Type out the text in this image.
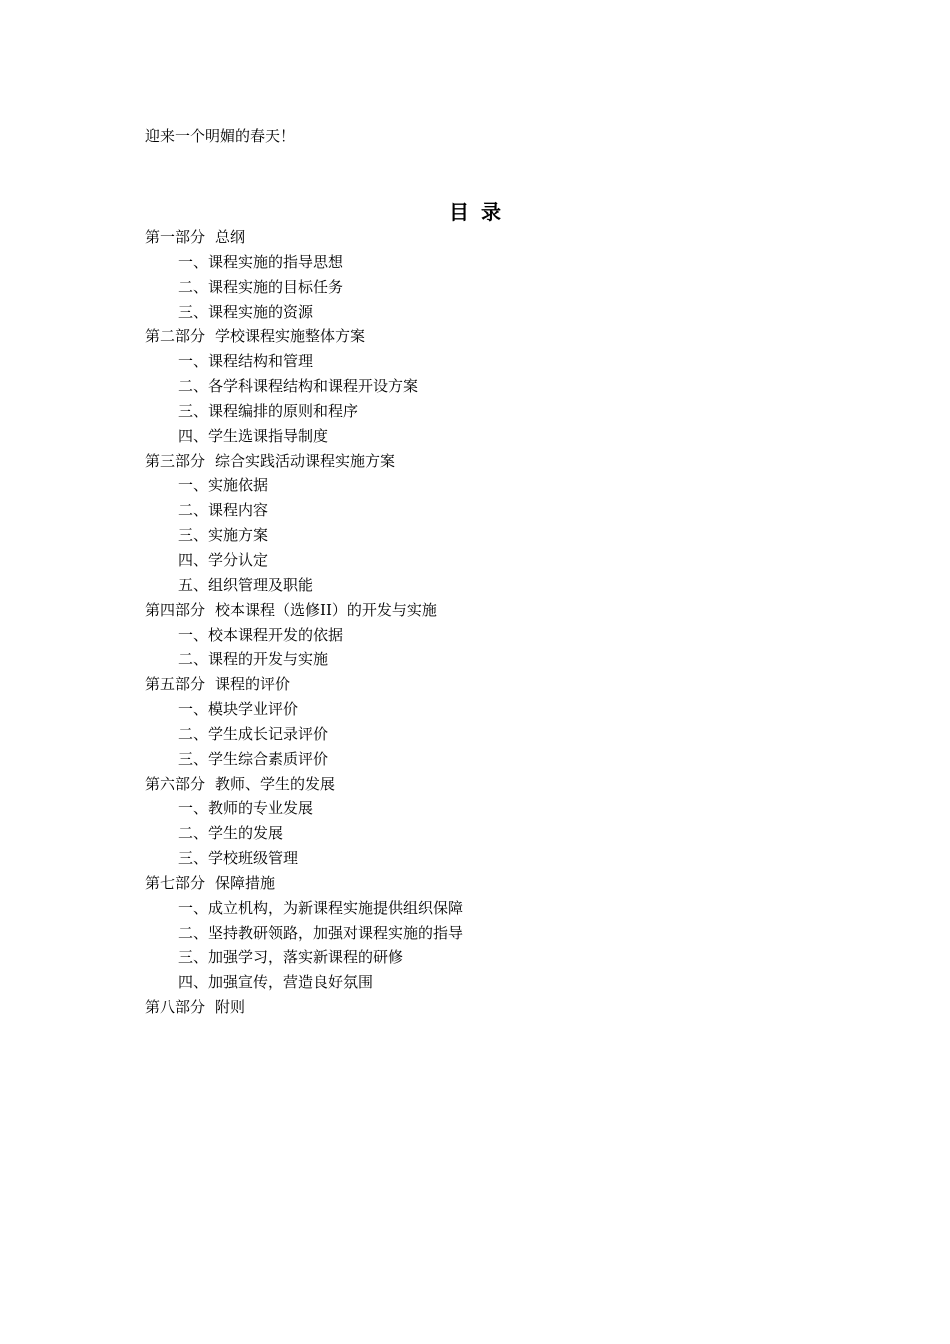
迎来一个明媚的春天！
目录
第一部分 总纲
一、课程实施的指导思想
二、课程实施的目标任务
三、课程实施的资源
第二部分 学校课程实施整体方案
一、课程结构和管理
二、各学科课程结构和课程开设方案
三、课程编排的原则和程序
四、学生选课指导制度
第三部分 综合实践活动课程实施方案
一、实施依据
二、课程内容
三、实施方案
四、学分认定
五、组织管理及职能
第四部分 校本课程（选修II）的开发与实施
一、校本课程开发的依据
二、课程的开发与实施
第五部分 课程的评价
一、模块学业评价
二、学生成长记录评价
三、学生综合素质评价
第六部分 教师、学生的发展
一、教师的专业发展
二、学生的发展
三、学校班级管理
第七部分 保障措施
一、成立机构，为新课程实施提供组织保障
二、坚持教研领路，加强对课程实施的指导
三、加强学习，落实新课程的研修
四、加强宣传，营造良好氛围
第八部分 附则
